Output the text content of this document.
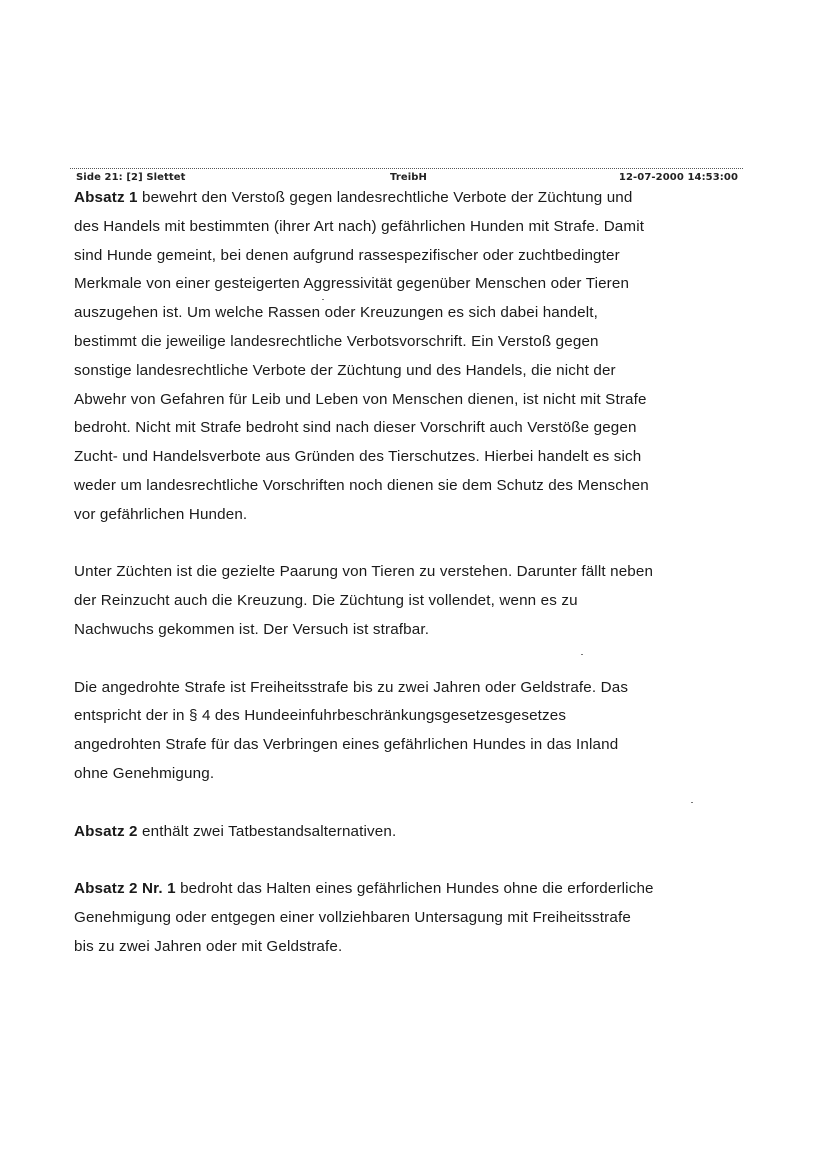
Side 21: [2] Slettet	TreibH	12-07-2000 14:53:00

Absatz 1 bewehrt den Verstoß gegen landesrechtliche Verbote der Züchtung und
des Handels mit bestimmten (ihrer Art nach) gefährlichen Hunden mit Strafe. Damit
sind Hunde gemeint, bei denen aufgrund rassespezifischer oder zuchtbedingter
Merkmale von einer gesteigerten Aggressivität gegenüber Menschen oder Tieren
auszugehen ist. Um welche Rassen oder Kreuzungen es sich dabei handelt,
bestimmt die jeweilige landesrechtliche Verbotsvorschrift. Ein Verstoß gegen
sonstige landesrechtliche Verbote der Züchtung und des Handels, die nicht der
Abwehr von Gefahren für Leib und Leben von Menschen dienen, ist nicht mit Strafe
bedroht. Nicht mit Strafe bedroht sind nach dieser Vorschrift auch Verstöße gegen
Zucht- und Handelsverbote aus Gründen des Tierschutzes. Hierbei handelt es sich
weder um landesrechtliche Vorschriften noch dienen sie dem Schutz des Menschen
vor gefährlichen Hunden.

Unter Züchten ist die gezielte Paarung von Tieren zu verstehen. Darunter fällt neben
der Reinzucht auch die Kreuzung. Die Züchtung ist vollendet, wenn es zu
Nachwuchs gekommen ist. Der Versuch ist strafbar.

Die angedrohte Strafe ist Freiheitsstrafe bis zu zwei Jahren oder Geldstrafe. Das
entspricht der in § 4 des Hundeeinfuhrbeschränkungsgesetzesgesetzes
angedrohten Strafe für das Verbringen eines gefährlichen Hundes in das Inland
ohne Genehmigung.

Absatz 2 enthält zwei Tatbestandsalternativen.

Absatz 2 Nr. 1 bedroht das Halten eines gefährlichen Hundes ohne die erforderliche
Genehmigung oder entgegen einer vollziehbaren Untersagung mit Freiheitsstrafe
bis zu zwei Jahren oder mit Geldstrafe.
